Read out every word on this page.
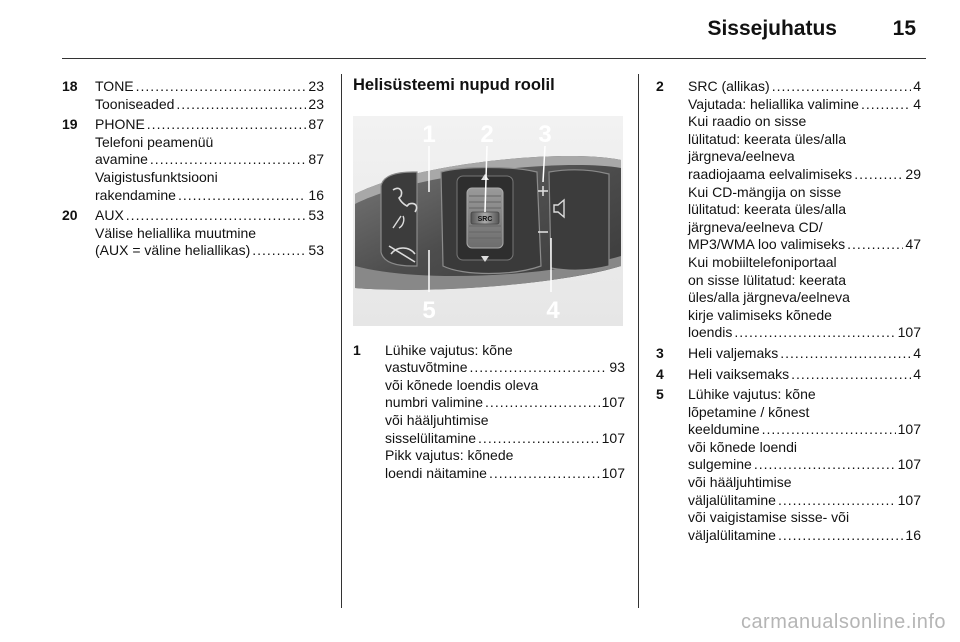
Sissejuhatus	15
18 TONE .....	23
Tooniseaded .....	23
19 PHONE .....	87
Telefoni peamenüü
avamine .....	87
Vaigistusfunktsiooni
rakendamine .....	16
20 AUX .....	53
Välise heliallika muutmine
(AUX = väline heliallikas) .....	53
Helisüsteemi nupud roolil
SRC
1 2 3
4
5
1 Lühike vajutus: kõne
vastuvõtmine .....	93
või kõnede loendis oleva
numbri valimine .....	107
või hääljuhtimise
sisselülitamine .....	107
Pikk vajutus: kõnede
loendi näitamine .....	107
2 SRC (allikas) .....	4
Vajutada: heliallika valimine .....	4
Kui raadio on sisse
lülitatud: keerata üles/alla
järgneva/eelneva
raadiojaama eelvalimiseks .....	29
Kui CD-mängija on sisse
lülitatud: keerata üles/alla
järgneva/eelneva CD/
MP3/WMA loo valimiseks .....	47
Kui mobiiltelefoniportaal
on sisse lülitatud: keerata
üles/alla järgneva/eelneva
kirje valimiseks kõnede
loendis .....	107
3 Heli valjemaks .....	4
4 Heli vaiksemaks .....	4
5 Lühike vajutus: kõne
lõpetamine / kõnest
keeldumine .....	107
või kõnede loendi
sulgemine .....	107
või hääljuhtimise
väljalülitamine .....	107
või vaigistamise sisse- või
väljalülitamine .....	16
carmanualsonline.info
